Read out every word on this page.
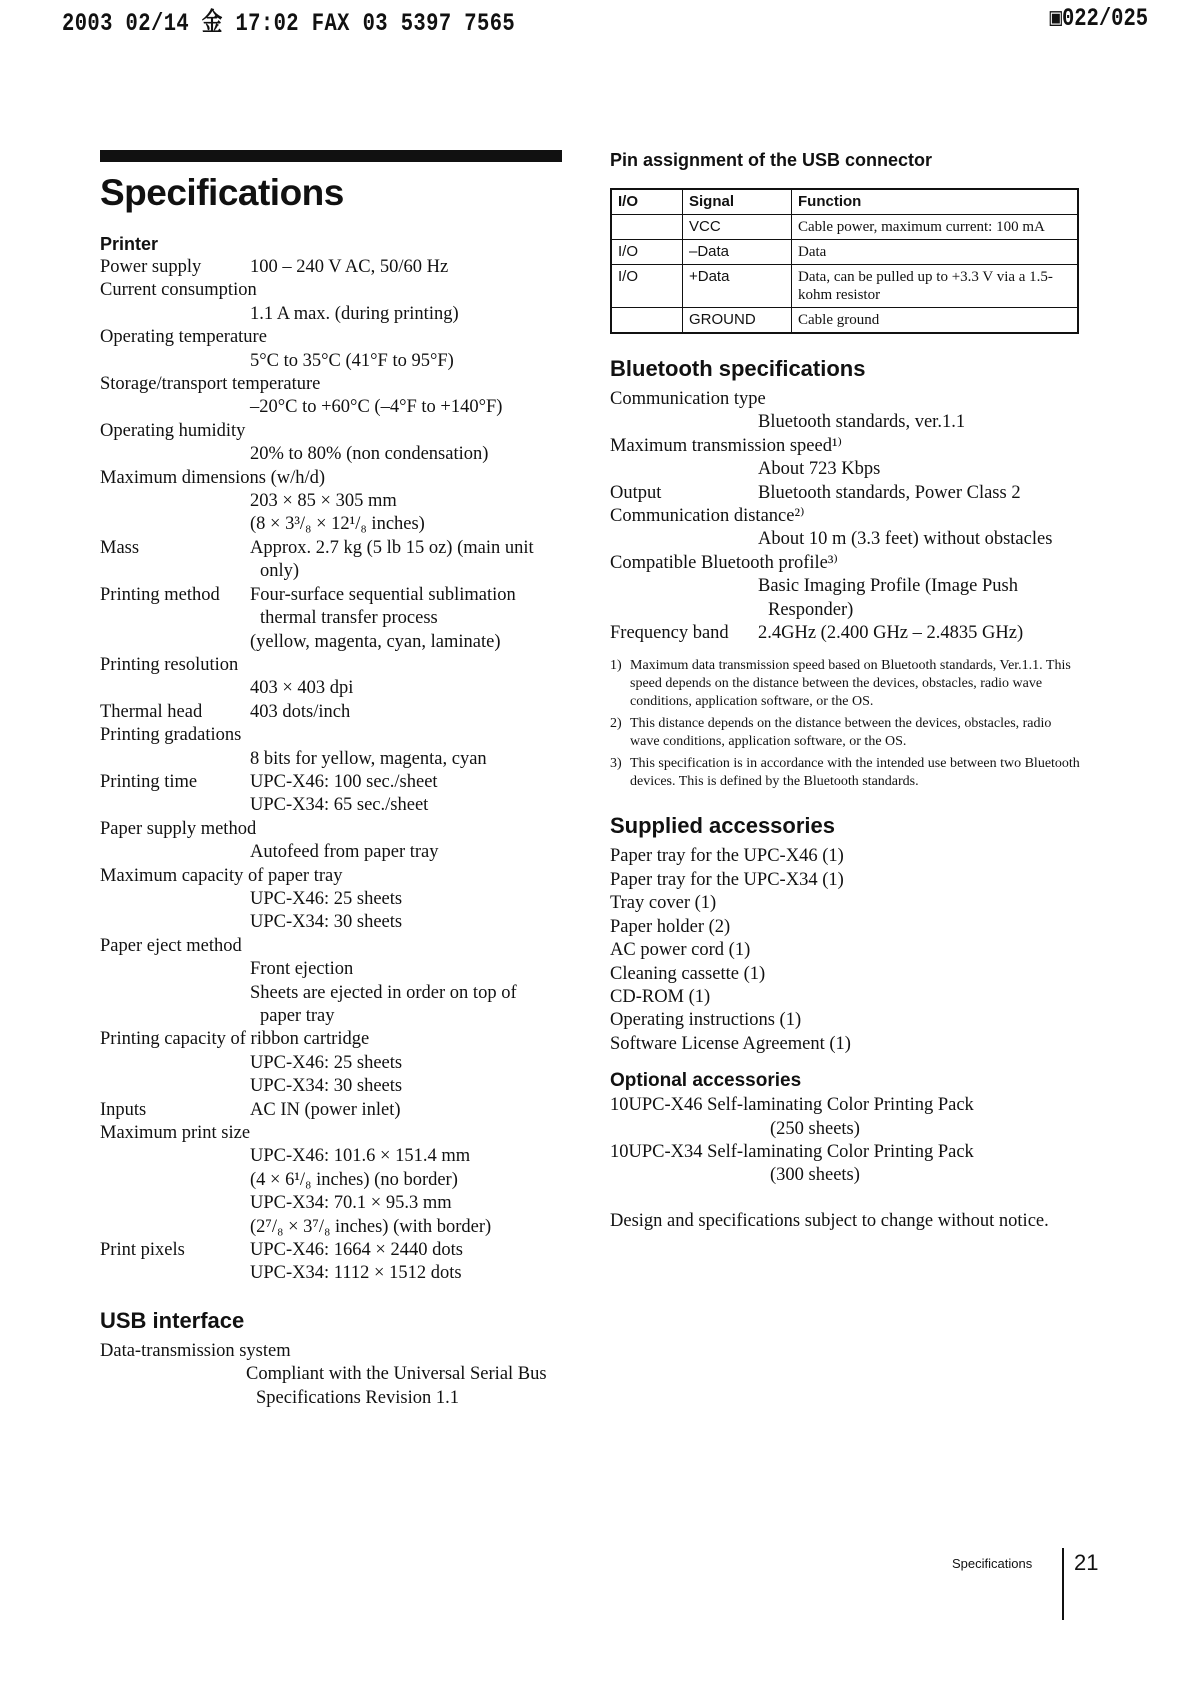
2003 02/14 金 17:02 FAX 03 5397 7565	▣022/025
Specifications
Printer
Power supply	100 – 240 V AC, 50/60 Hz
Current consumption
1.1 A max. (during printing)
Operating temperature
5°C to 35°C (41°F to 95°F)
Storage/transport temperature
–20°C to +60°C (–4°F to +140°F)
Operating humidity
20% to 80% (non condensation)
Maximum dimensions (w/h/d)
203 × 85 × 305 mm
(8 × 3³/₈ × 12¹/₈ inches)
Mass	Approx. 2.7 kg (5 lb 15 oz) (main unit only)
Printing method	Four-surface sequential sublimation thermal transfer process
(yellow, magenta, cyan, laminate)
Printing resolution
403 × 403 dpi
Thermal head	403 dots/inch
Printing gradations
8 bits for yellow, magenta, cyan
Printing time	UPC-X46: 100 sec./sheet
UPC-X34: 65 sec./sheet
Paper supply method
Autofeed from paper tray
Maximum capacity of paper tray
UPC-X46: 25 sheets
UPC-X34: 30 sheets
Paper eject method
Front ejection
Sheets are ejected in order on top of paper tray
Printing capacity of ribbon cartridge
UPC-X46: 25 sheets
UPC-X34: 30 sheets
Inputs	AC IN (power inlet)
Maximum print size
UPC-X46: 101.6 × 151.4 mm
(4 × 6¹/₈ inches) (no border)
UPC-X34: 70.1 × 95.3 mm
(2⁷/₈ × 3⁷/₈ inches) (with border)
Print pixels	UPC-X46: 1664 × 2440 dots
UPC-X34: 1112 × 1512 dots
USB interface
Data-transmission system
Compliant with the Universal Serial Bus Specifications Revision 1.1
Pin assignment of the USB connector
I/O	Signal	Function
	VCC	Cable power, maximum current: 100 mA
I/O	–Data	Data
I/O	+Data	Data, can be pulled up to +3.3 V via a 1.5-kohm resistor
	GROUND	Cable ground
Bluetooth specifications
Communication type
Bluetooth standards, ver.1.1
Maximum transmission speed¹⁾
About 723 Kbps
Output	Bluetooth standards, Power Class 2
Communication distance²⁾
About 10 m (3.3 feet) without obstacles
Compatible Bluetooth profile³⁾
Basic Imaging Profile (Image Push Responder)
Frequency band	2.4GHz (2.400 GHz – 2.4835 GHz)
1) Maximum data transmission speed based on Bluetooth standards, Ver.1.1. This speed depends on the distance between the devices, obstacles, radio wave conditions, application software, or the OS.
2) This distance depends on the distance between the devices, obstacles, radio wave conditions, application software, or the OS.
3) This specification is in accordance with the intended use between two Bluetooth devices. This is defined by the Bluetooth standards.
Supplied accessories
Paper tray for the UPC-X46 (1)
Paper tray for the UPC-X34 (1)
Tray cover (1)
Paper holder (2)
AC power cord (1)
Cleaning cassette (1)
CD-ROM (1)
Operating instructions (1)
Software License Agreement (1)
Optional accessories
10UPC-X46 Self-laminating Color Printing Pack
(250 sheets)
10UPC-X34 Self-laminating Color Printing Pack
(300 sheets)
Design and specifications subject to change without notice.
Specifications 21
